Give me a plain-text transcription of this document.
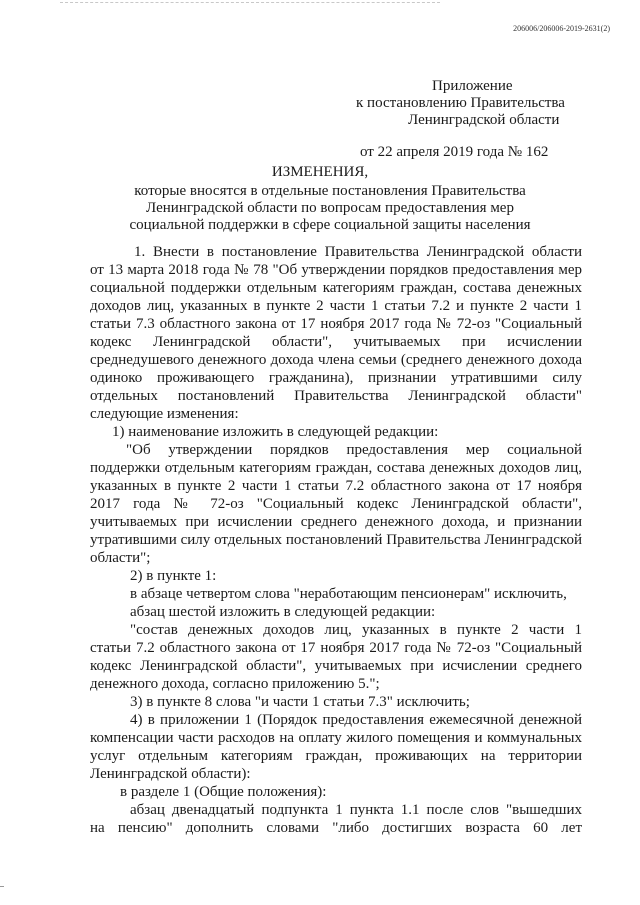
206006/206006-2019-2631(2)
Приложение
к постановлению Правительства
Ленинградской области
от 22 апреля 2019 года № 162
ИЗМЕНЕНИЯ,
которые вносятся в отдельные постановления Правительства
Ленинградской области по вопросам предоставления мер
социальной поддержки в сфере социальной защиты населения
1. Внести в постановление Правительства Ленинградской области
от 13 марта 2018 года № 78 "Об утверждении порядков предоставления мер
социальной поддержки отдельным категориям граждан, состава денежных
доходов лиц, указанных в пункте 2 части 1 статьи 7.2 и пункте 2 части 1
статьи 7.3 областного закона от 17 ноября 2017 года № 72-оз "Социальный
кодекс Ленинградской области", учитываемых при исчислении
среднедушевого денежного дохода члена семьи (среднего денежного дохода
одиноко проживающего гражданина), признании утратившими силу
отдельных постановлений Правительства Ленинградской области"
следующие изменения:
1) наименование изложить в следующей редакции:
"Об утверждении порядков предоставления мер социальной
поддержки отдельным категориям граждан, состава денежных доходов лиц,
указанных в пункте 2 части 1 статьи 7.2 областного закона от 17 ноября
2017 года № 72-оз "Социальный кодекс Ленинградской области",
учитываемых при исчислении среднего денежного дохода, и признании
утратившими силу отдельных постановлений Правительства Ленинградской
области";
2) в пункте 1:
в абзаце четвертом слова "неработающим пенсионерам" исключить,
абзац шестой изложить в следующей редакции:
"состав денежных доходов лиц, указанных в пункте 2 части 1
статьи 7.2 областного закона от 17 ноября 2017 года № 72-оз "Социальный
кодекс Ленинградской области", учитываемых при исчислении среднего
денежного дохода, согласно приложению 5.";
3) в пункте 8 слова "и части 1 статьи 7.3" исключить;
4) в приложении 1 (Порядок предоставления ежемесячной денежной
компенсации части расходов на оплату жилого помещения и коммунальных
услуг отдельным категориям граждан, проживающих на территории
Ленинградской области):
в разделе 1 (Общие положения):
абзац двенадцатый подпункта 1 пункта 1.1 после слов "вышедших
на пенсию" дополнить словами "либо достигших возраста 60 лет
